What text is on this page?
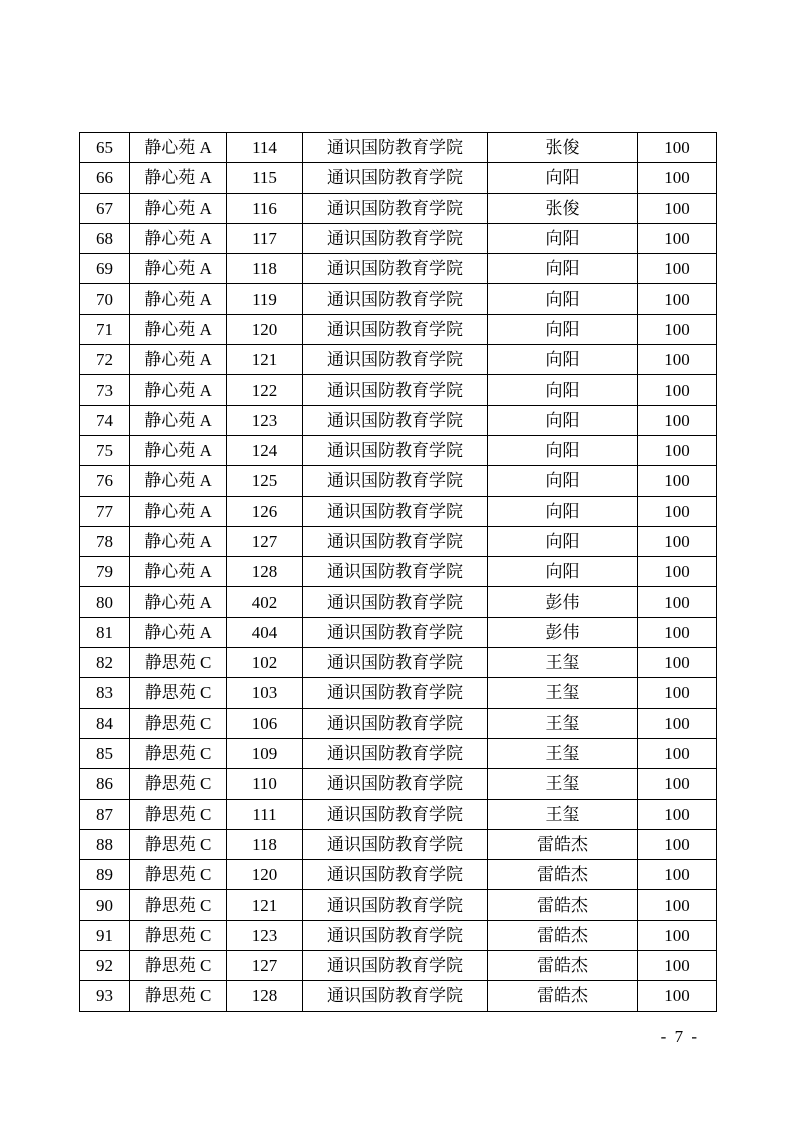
65	静心苑 A	114	通识国防教育学院	张俊	100
66	静心苑 A	115	通识国防教育学院	向阳	100
67	静心苑 A	116	通识国防教育学院	张俊	100
68	静心苑 A	117	通识国防教育学院	向阳	100
69	静心苑 A	118	通识国防教育学院	向阳	100
70	静心苑 A	119	通识国防教育学院	向阳	100
71	静心苑 A	120	通识国防教育学院	向阳	100
72	静心苑 A	121	通识国防教育学院	向阳	100
73	静心苑 A	122	通识国防教育学院	向阳	100
74	静心苑 A	123	通识国防教育学院	向阳	100
75	静心苑 A	124	通识国防教育学院	向阳	100
76	静心苑 A	125	通识国防教育学院	向阳	100
77	静心苑 A	126	通识国防教育学院	向阳	100
78	静心苑 A	127	通识国防教育学院	向阳	100
79	静心苑 A	128	通识国防教育学院	向阳	100
80	静心苑 A	402	通识国防教育学院	彭伟	100
81	静心苑 A	404	通识国防教育学院	彭伟	100
82	静思苑 C	102	通识国防教育学院	王玺	100
83	静思苑 C	103	通识国防教育学院	王玺	100
84	静思苑 C	106	通识国防教育学院	王玺	100
85	静思苑 C	109	通识国防教育学院	王玺	100
86	静思苑 C	110	通识国防教育学院	王玺	100
87	静思苑 C	111	通识国防教育学院	王玺	100
88	静思苑 C	118	通识国防教育学院	雷皓杰	100
89	静思苑 C	120	通识国防教育学院	雷皓杰	100
90	静思苑 C	121	通识国防教育学院	雷皓杰	100
91	静思苑 C	123	通识国防教育学院	雷皓杰	100
92	静思苑 C	127	通识国防教育学院	雷皓杰	100
93	静思苑 C	128	通识国防教育学院	雷皓杰	100
- 7 -
